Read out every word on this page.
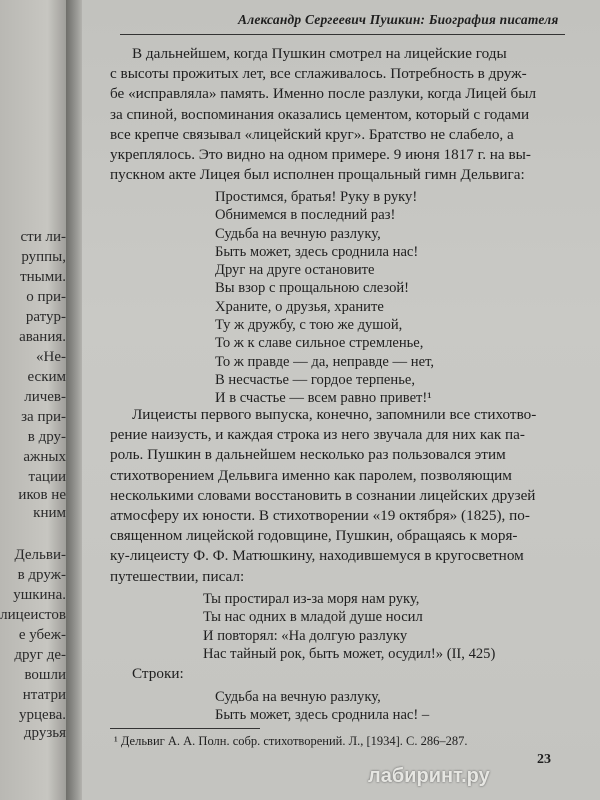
сти ли-
руппы,
тными.
о при-
ратур-
авания.
«Не-
еским
личев-
за при-
в дру-
ажных
тации
иков не
кним
Дельви-
в друж-
ушкина.
лицеистов
е убеж-
друг де-
вошли
нтатри
урцева.
друзья
Александр Сергеевич Пушкин: Биография писателя
В дальнейшем, когда Пушкин смотрел на лицейские годы
с высоты прожитых лет, все сглаживалось. Потребность в друж-
бе «исправляла» память. Именно после разлуки, когда Лицей был
за спиной, воспоминания оказались цементом, который с годами
все крепче связывал «лицейский круг». Братство не слабело, а
укреплялось. Это видно на одном примере. 9 июня 1817 г. на вы-
пускном акте Лицея был исполнен прощальный гимн Дельвига:
Простимся, братья! Руку в руку!
Обнимемся в последний раз!
Судьба на вечную разлуку,
Быть может, здесь сроднила нас!
Друг на друге остановите
Вы взор с прощальною слезой!
Храните, о друзья, храните
Ту ж дружбу, с тою же душой,
То ж к славе сильное стремленье,
То ж правде — да, неправде — нет,
В несчастье — гордое терпенье,
И в счастье — всем равно привет!¹
Лицеисты первого выпуска, конечно, запомнили все стихотво-
рение наизусть, и каждая строка из него звучала для них как па-
роль. Пушкин в дальнейшем несколько раз пользовался этим
стихотворением Дельвига именно как паролем, позволяющим
несколькими словами восстановить в сознании лицейских друзей
атмосферу их юности. В стихотворении «19 октября» (1825), по-
священном лицейской годовщине, Пушкин, обращаясь к моря-
ку-лицеисту Ф. Ф. Матюшкину, находившемуся в кругосветном
путешествии, писал:
Ты простирал из-за моря нам руку,
Ты нас одних в младой душе носил
И повторял: «На долгую разлуку
Нас тайный рок, быть может, осудил!» (II, 425)
Строки:
Судьба на вечную разлуку,
Быть может, здесь сроднила нас! –
¹ Дельвиг А. А. Полн. собр. стихотворений. Л., [1934]. С. 286–287.
23
лабиринт.ру
